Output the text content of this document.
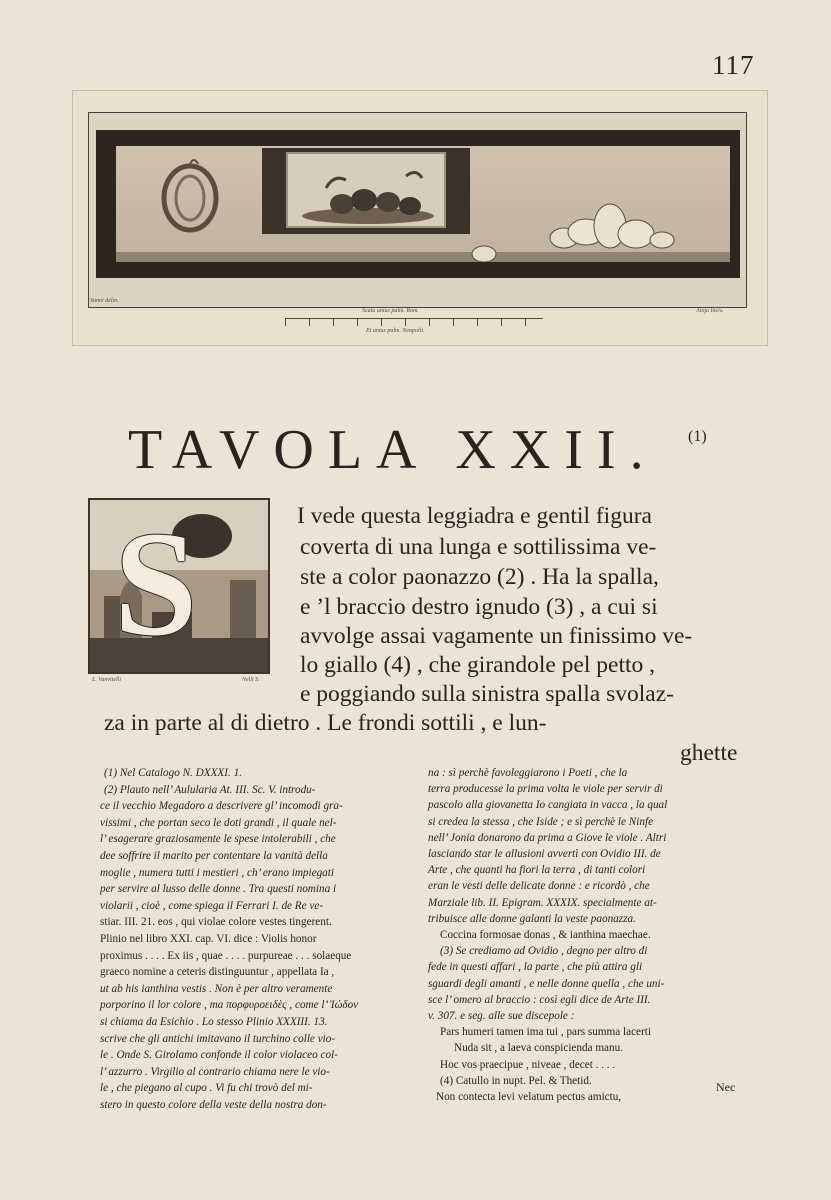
117
Vanni delin.
Scala unius palm. Rom.
Et unius palm. Neapolit.
Aloja Incis.
TAVOLA XXII. (1)
S
L. Vanvitelli	Nelli S.
I vede questa leggiadra e gentil figura
coverta di una lunga e sottilissima ve-
ste a color paonazzo (2) . Ha la spalla,
e ’l braccio destro ignudo (3) , a cui si
avvolge assai vagamente un finissimo ve-
lo giallo (4) , che girandole pel petto ,
e poggiando sulla sinistra spalla svolaz-
za in parte al di dietro . Le frondi sottili , e lun-
ghette
(1) Nel Catalogo N. DXXXI. 1.
(2) Plauto nell’ Aulularia At. III. Sc. V. introdu-
ce il vecchio Megadoro a descrivere gl’ incomodi gra-
vissimi , che portan seco le doti grandi , il quale nel-
l’ esagerare graziosamente le spese intolerabili , che
dee soffrire il marito per contentare la vanità della
moglie , numera tutti i mestieri , ch’ erano impiegati
per servire al lusso delle donne . Tra questi nomina i
violarii , cioè , come spiega il Ferrari I. de Re ve-
stiar. III. 21. eos , qui violae colore vestes tingerent.
Plinio nel libro XXI. cap. VI. dice : Violis honor
proximus . . . . Ex iis , quae . . . . purpureae . . . solaeque
graeco nomine a ceteris distinguuntur , appellata Ia ,
ut ab his ianthina vestis . Non è per altro veramente
porporino il lor colore , ma πορφυροειδὲς , come l’ Ἰώδον
si chiama da Esichio . Lo stesso Plinio XXXIII. 13.
scrive che gli antichi imitavano il turchino colle vio-
le . Onde S. Girolamo confonde il color violaceo col-
l’ azzurro . Virgilio al contrario chiama nere le vio-
le , che piegano al cupo . Vi fu chi trovò del mi-
stero in questo colore della veste della nostra don-
na : sì perchè favoleggiarono i Poeti , che la
terra producesse la prima volta le viole per servir di
pascolo alla giovanetta Io cangiata in vacca , la qual
si credea la stessa , che Iside ; e sì perchè le Ninfe
nell’ Jonia donarono da prima a Giove le viole . Altri
lasciando star le allusioni avvertì con Ovidio III. de
Arte , che quanti ha fiori la terra , di tanti colori
eran le vesti delle delicate donne : e ricordò , che
Marziale lib. II. Epigram. XXXIX. specialmente at-
tribuisce alle donne galanti la veste paonazza.
Coccina formosae donas , & ianthina maechae.
(3) Se crediamo ad Ovidio , degno per altro di
fede in questi affari , la parte , che più attira gli
sguardi degli amanti , e nelle donne quella , che uni-
sce l’ omero al braccio : così egli dice de Arte III.
v. 307. e seg. alle sue discepole :
Pars humeri tamen ima tui , pars summa lacerti
Nuda sit , a laeva conspicienda manu.
Hoc vos praecipue , niveae , decet . . . .
(4) Catullo in nupt. Pel. & Thetid.
Non contecta levi velatum pectus amictu,
Nec
